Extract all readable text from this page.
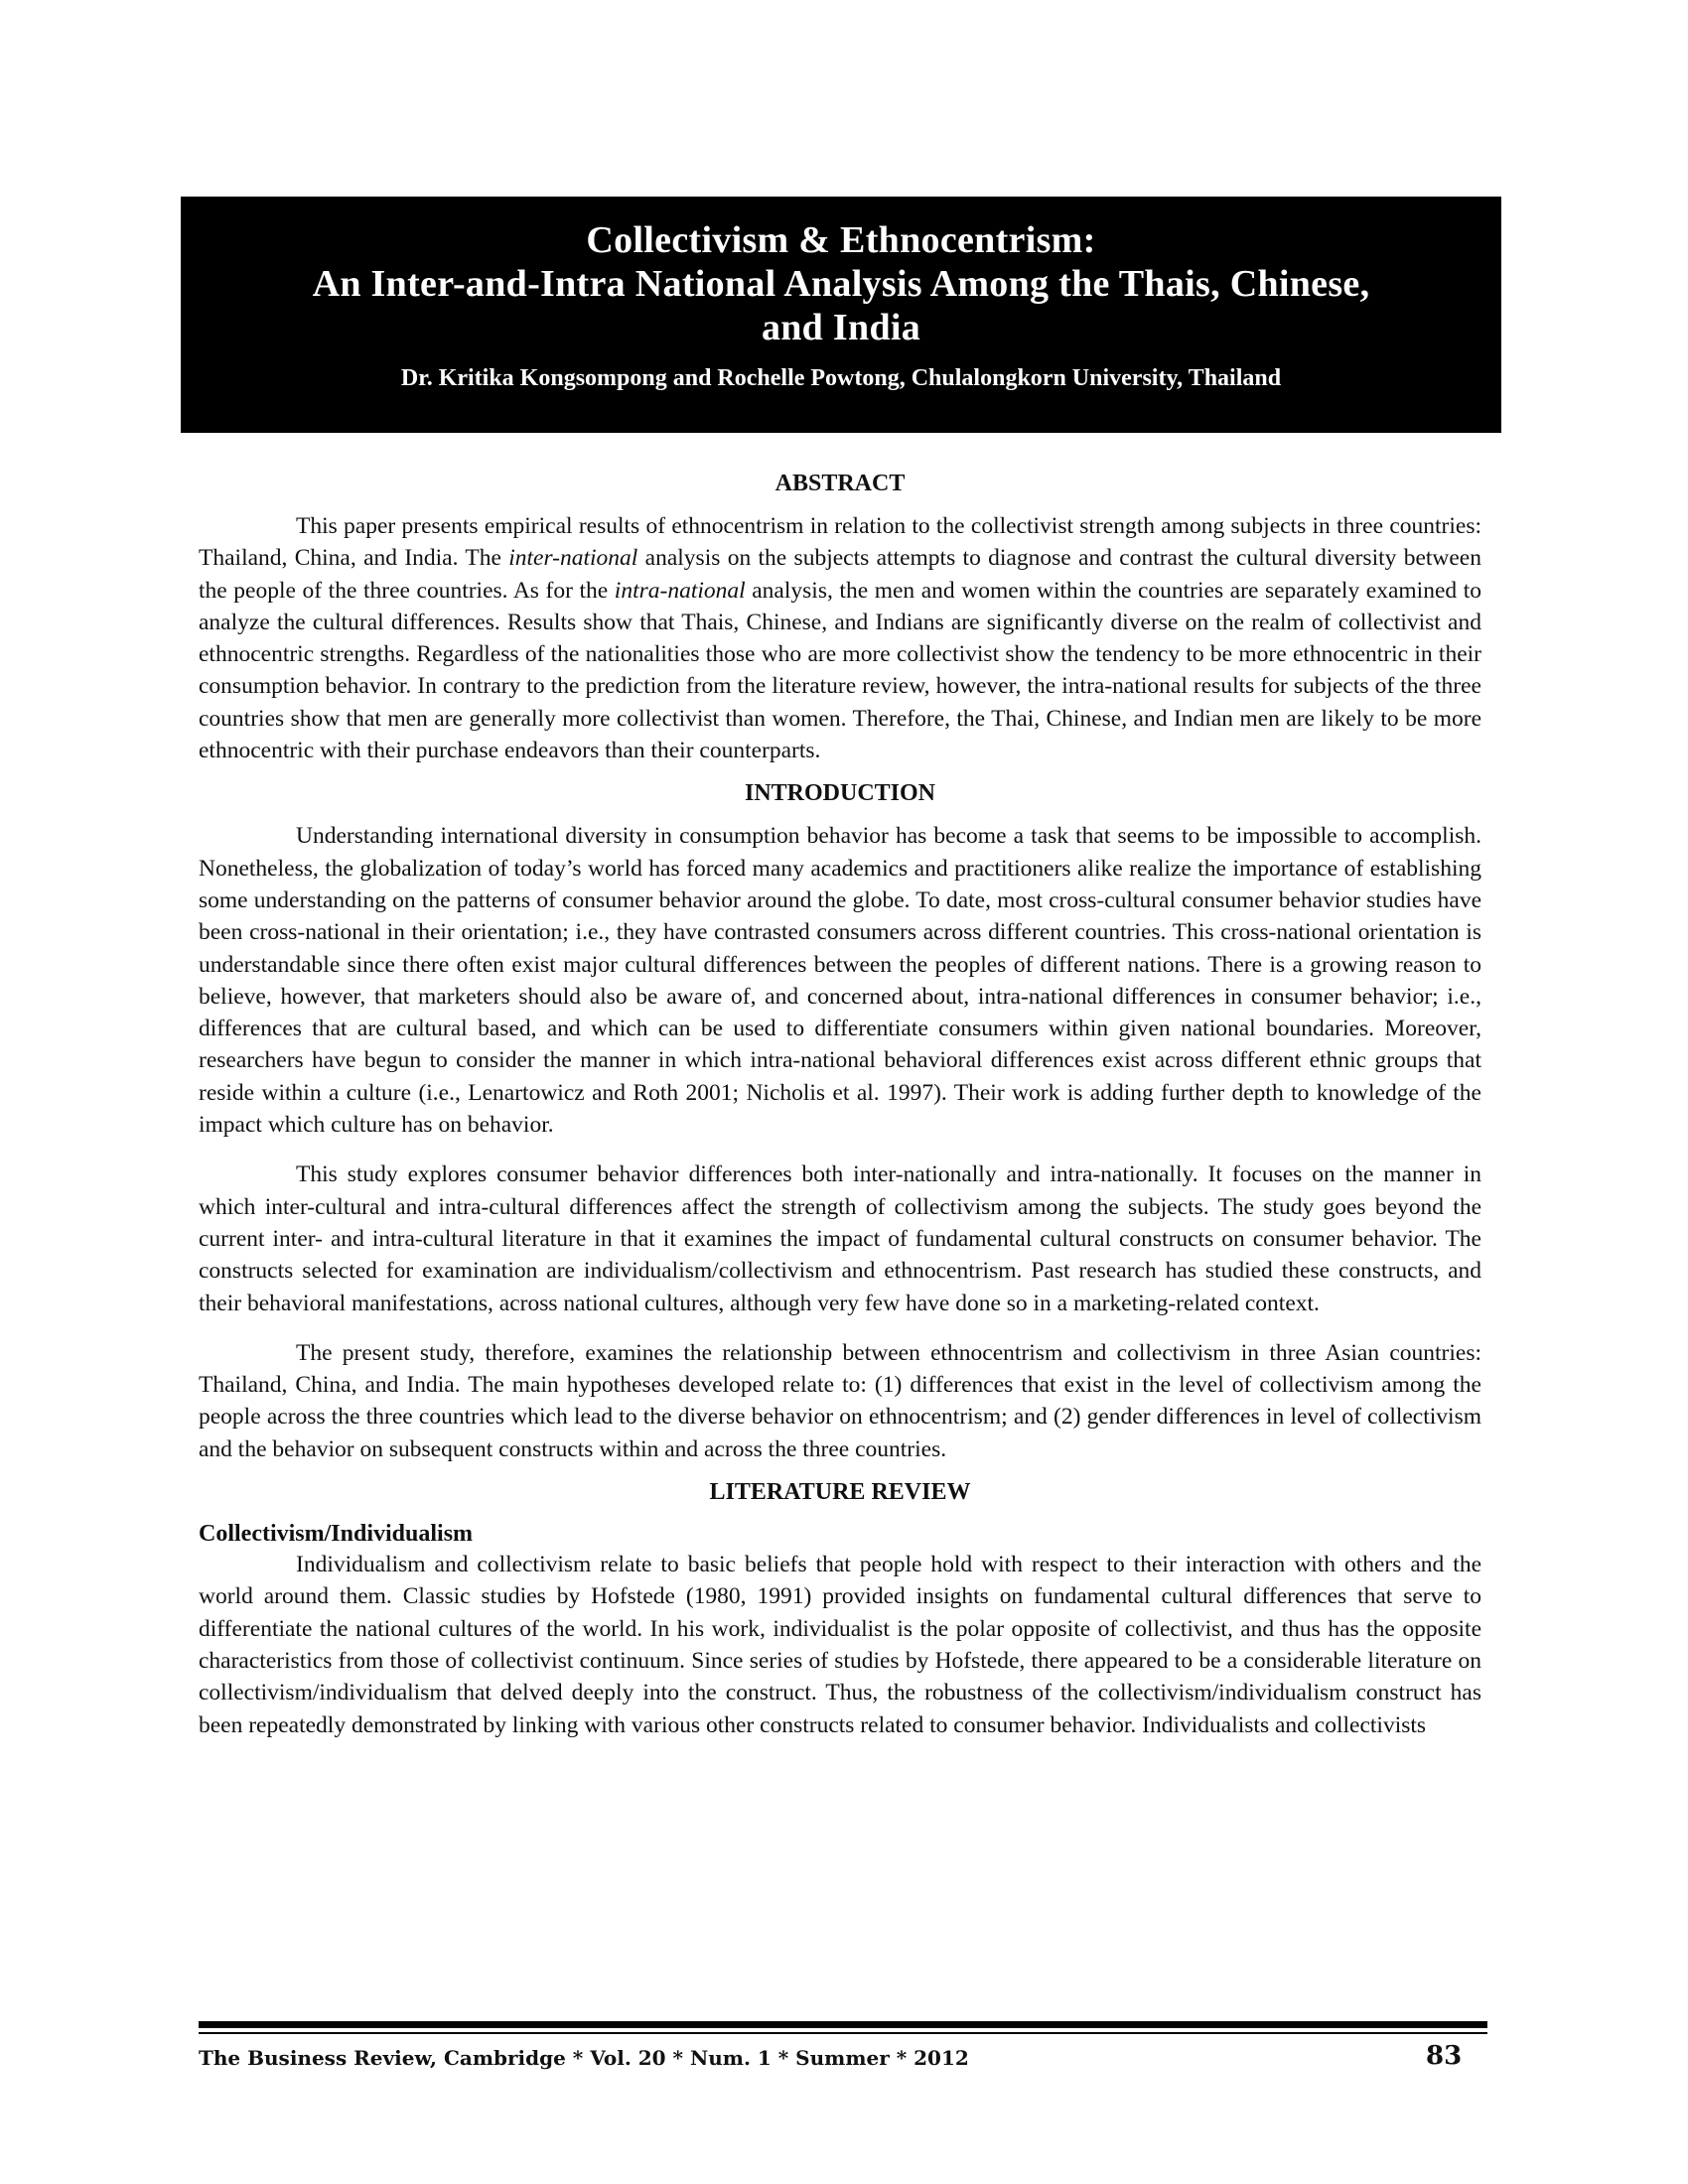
Collectivism & Ethnocentrism:
An Inter-and-Intra National Analysis Among the Thais, Chinese,
and India
Dr. Kritika Kongsompong and Rochelle Powtong, Chulalongkorn University, Thailand
ABSTRACT

This paper presents empirical results of ethnocentrism in relation to the collectivist strength among subjects in three countries: Thailand, China, and India. The inter-national analysis on the subjects attempts to diagnose and contrast the cultural diversity between the people of the three countries. As for the intra-national analysis, the men and women within the countries are separately examined to analyze the cultural differences. Results show that Thais, Chinese, and Indians are significantly diverse on the realm of collectivist and ethnocentric strengths. Regardless of the nationalities those who are more collectivist show the tendency to be more ethnocentric in their consumption behavior. In contrary to the prediction from the literature review, however, the intra-national results for subjects of the three countries show that men are generally more collectivist than women. Therefore, the Thai, Chinese, and Indian men are likely to be more ethnocentric with their purchase endeavors than their counterparts.

INTRODUCTION

Understanding international diversity in consumption behavior has become a task that seems to be impossible to accomplish. Nonetheless, the globalization of today’s world has forced many academics and practitioners alike realize the importance of establishing some understanding on the patterns of consumer behavior around the globe. To date, most cross-cultural consumer behavior studies have been cross-national in their orientation; i.e., they have contrasted consumers across different countries. This cross-national orientation is understandable since there often exist major cultural differences between the peoples of different nations. There is a growing reason to believe, however, that marketers should also be aware of, and concerned about, intra-national differences in consumer behavior; i.e., differences that are cultural based, and which can be used to differentiate consumers within given national boundaries. Moreover, researchers have begun to consider the manner in which intra-national behavioral differences exist across different ethnic groups that reside within a culture (i.e., Lenartowicz and Roth 2001; Nicholis et al. 1997). Their work is adding further depth to knowledge of the impact which culture has on behavior.

This study explores consumer behavior differences both inter-nationally and intra-nationally. It focuses on the manner in which inter-cultural and intra-cultural differences affect the strength of collectivism among the subjects. The study goes beyond the current inter- and intra-cultural literature in that it examines the impact of fundamental cultural constructs on consumer behavior. The constructs selected for examination are individualism/collectivism and ethnocentrism. Past research has studied these constructs, and their behavioral manifestations, across national cultures, although very few have done so in a marketing-related context.

The present study, therefore, examines the relationship between ethnocentrism and collectivism in three Asian countries: Thailand, China, and India. The main hypotheses developed relate to: (1) differences that exist in the level of collectivism among the people across the three countries which lead to the diverse behavior on ethnocentrism; and (2) gender differences in level of collectivism and the behavior on subsequent constructs within and across the three countries.

LITERATURE REVIEW
Collectivism/Individualism

Individualism and collectivism relate to basic beliefs that people hold with respect to their interaction with others and the world around them. Classic studies by Hofstede (1980, 1991) provided insights on fundamental cultural differences that serve to differentiate the national cultures of the world. In his work, individualist is the polar opposite of collectivist, and thus has the opposite characteristics from those of collectivist continuum. Since series of studies by Hofstede, there appeared to be a considerable literature on collectivism/individualism that delved deeply into the construct. Thus, the robustness of the collectivism/individualism construct has been repeatedly demonstrated by linking with various other constructs related to consumer behavior. Individualists and collectivists

The Business Review, Cambridge * Vol. 20 * Num. 1 * Summer * 2012	83
